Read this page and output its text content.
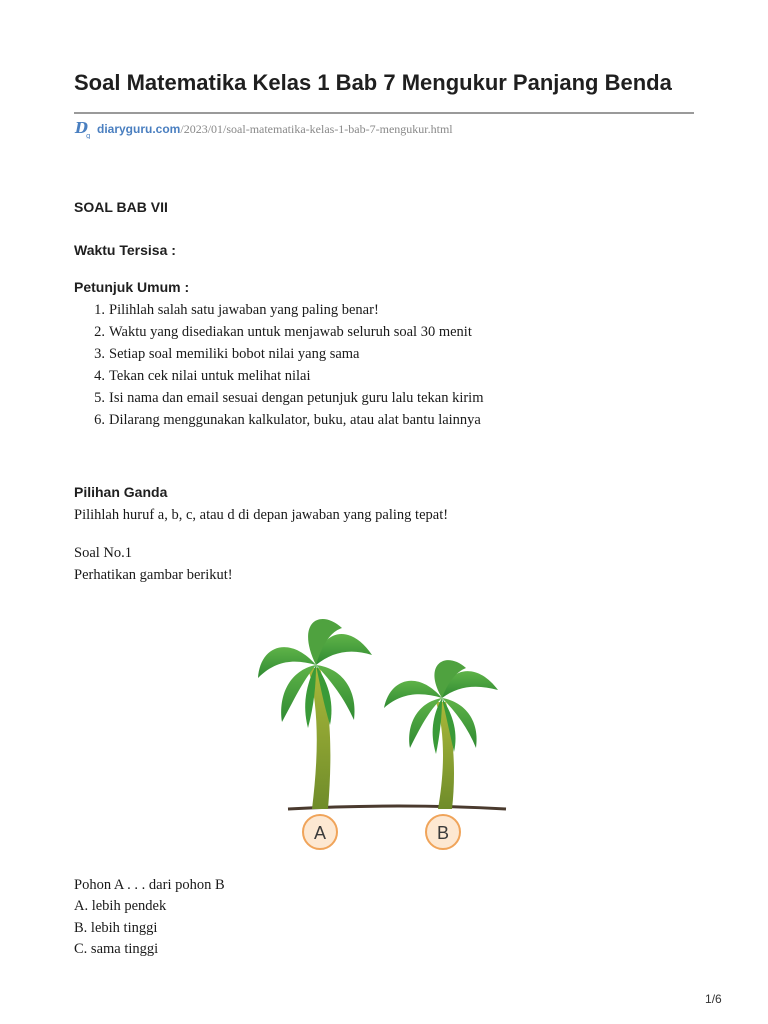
Soal Matematika Kelas 1 Bab 7 Mengukur Panjang Benda
D
g diaryguru.com /2023/01/soal-matematika-kelas-1-bab-7-mengukur.html
SOAL BAB VII
Waktu Tersisa :
Petunjuk Umum :
1. Pilihlah salah satu jawaban yang paling benar!
2. Waktu yang disediakan untuk menjawab seluruh soal 30 menit
3. Setiap soal memiliki bobot nilai yang sama
4. Tekan cek nilai untuk melihat nilai
5. Isi nama dan email sesuai dengan petunjuk guru lalu tekan kirim
6. Dilarang menggunakan kalkulator, buku, atau alat bantu lainnya
Pilihan Ganda

Pilihlah huruf a, b, c, atau d di depan jawaban yang paling tepat!

Soal No.1

Perhatikan gambar berikut!

A	B

Pohon A . . . dari pohon B

A. lebih pendek

B. lebih tinggi

C. sama tinggi

1/6
